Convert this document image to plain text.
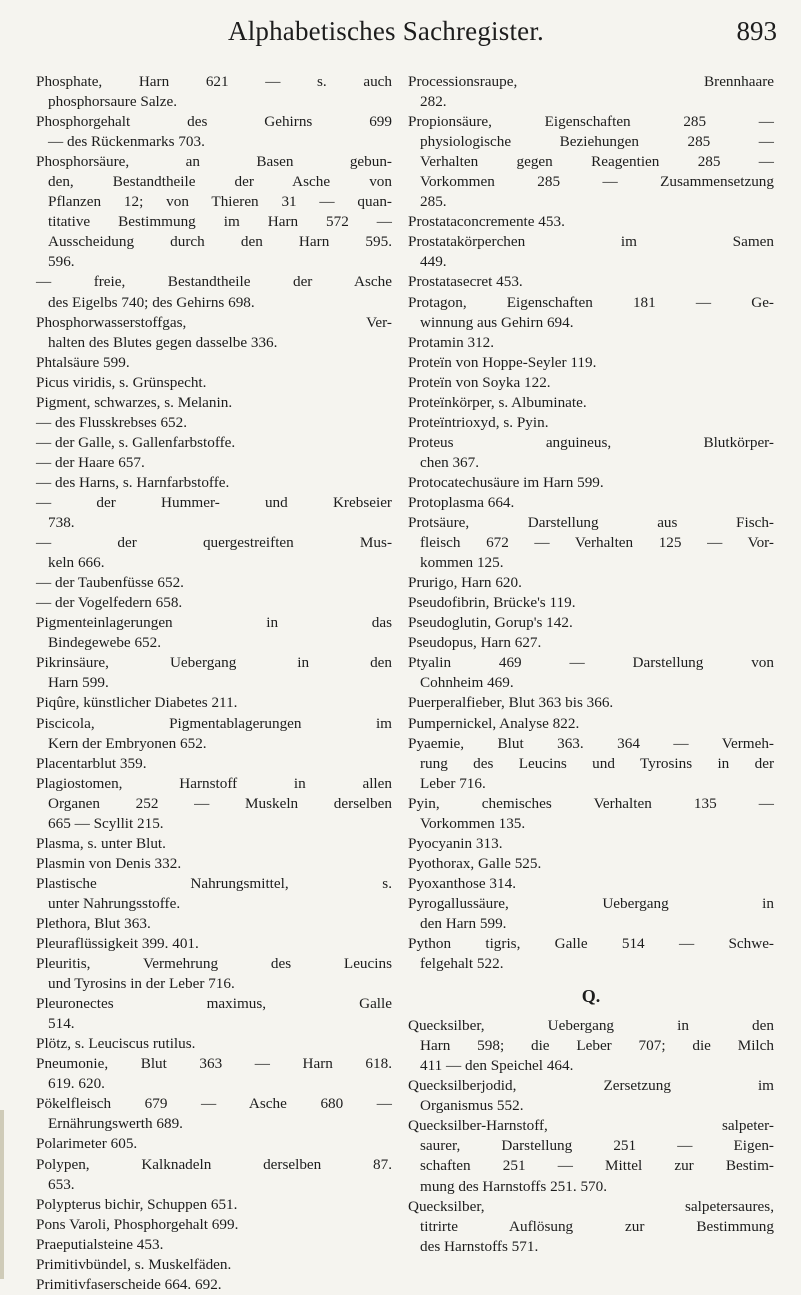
Alphabetisches Sachregister.	893
Phosphate, Harn 621 — s. auch
phosphorsaure Salze.
Phosphorgehalt des Gehirns 699
— des Rückenmarks 703.
Phosphorsäure, an Basen gebun-
den, Bestandtheile der Asche von
Pflanzen 12; von Thieren 31 — quan-
titative Bestimmung im Harn 572 —
Ausscheidung durch den Harn 595.
596.
— freie, Bestandtheile der Asche
des Eigelbs 740; des Gehirns 698.
Phosphorwasserstoffgas, Ver-
halten des Blutes gegen dasselbe 336.
Phtalsäure 599.
Picus viridis, s. Grünspecht.
Pigment, schwarzes, s. Melanin.
— des Flusskrebses 652.
— der Galle, s. Gallenfarbstoffe.
— der Haare 657.
— des Harns, s. Harnfarbstoffe.
— der Hummer- und Krebseier
738.
— der quergestreiften Mus-
keln 666.
— der Taubenfüsse 652.
— der Vogelfedern 658.
Pigmenteinlagerungen in das
Bindegewebe 652.
Pikrinsäure, Uebergang in den
Harn 599.
Piqûre, künstlicher Diabetes 211.
Piscicola, Pigmentablagerungen im
Kern der Embryonen 652.
Placentarblut 359.
Plagiostomen, Harnstoff in allen
Organen 252 — Muskeln derselben
665 — Scyllit 215.
Plasma, s. unter Blut.
Plasmin von Denis 332.
Plastische Nahrungsmittel, s.
unter Nahrungsstoffe.
Plethora, Blut 363.
Pleuraflüssigkeit 399. 401.
Pleuritis, Vermehrung des Leucins
und Tyrosins in der Leber 716.
Pleuronectes maximus, Galle
514.
Plötz, s. Leuciscus rutilus.
Pneumonie, Blut 363 — Harn 618.
619. 620.
Pökelfleisch 679 — Asche 680 —
Ernährungswerth 689.
Polarimeter 605.
Polypen, Kalknadeln derselben 87.
653.
Polypterus bichir, Schuppen 651.
Pons Varoli, Phosphorgehalt 699.
Praeputialsteine 453.
Primitivbündel, s. Muskelfäden.
Primitivfaserscheide 664. 692.
Processionsraupe, Brennhaare
282.
Propionsäure, Eigenschaften 285 —
physiologische Beziehungen 285 —
Verhalten gegen Reagentien 285 —
Vorkommen 285 — Zusammensetzung
285.
Prostataconcremente 453.
Prostatakörperchen im Samen
449.
Prostatasecret 453.
Protagon, Eigenschaften 181 — Ge-
winnung aus Gehirn 694.
Protamin 312.
Proteïn von Hoppe-Seyler 119.
Proteïn von Soyka 122.
Proteïnkörper, s. Albuminate.
Proteïntrioxyd, s. Pyin.
Proteus anguineus, Blutkörper-
chen 367.
Protocatechusäure im Harn 599.
Protoplasma 664.
Protsäure, Darstellung aus Fisch-
fleisch 672 — Verhalten 125 — Vor-
kommen 125.
Prurigo, Harn 620.
Pseudofibrin, Brücke's 119.
Pseudoglutin, Gorup's 142.
Pseudopus, Harn 627.
Ptyalin 469 — Darstellung von
Cohnheim 469.
Puerperalfieber, Blut 363 bis 366.
Pumpernickel, Analyse 822.
Pyaemie, Blut 363. 364 — Vermeh-
rung des Leucins und Tyrosins in der
Leber 716.
Pyin, chemisches Verhalten 135 —
Vorkommen 135.
Pyocyanin 313.
Pyothorax, Galle 525.
Pyoxanthose 314.
Pyrogallussäure, Uebergang in
den Harn 599.
Python tigris, Galle 514 — Schwe-
felgehalt 522.
Q.
Quecksilber, Uebergang in den
Harn 598; die Leber 707; die Milch
411 — den Speichel 464.
Quecksilberjodid, Zersetzung im
Organismus 552.
Quecksilber-Harnstoff, salpeter-
saurer, Darstellung 251 — Eigen-
schaften 251 — Mittel zur Bestim-
mung des Harnstoffs 251. 570.
Quecksilber, salpetersaures,
titrirte Auflösung zur Bestimmung
des Harnstoffs 571.
